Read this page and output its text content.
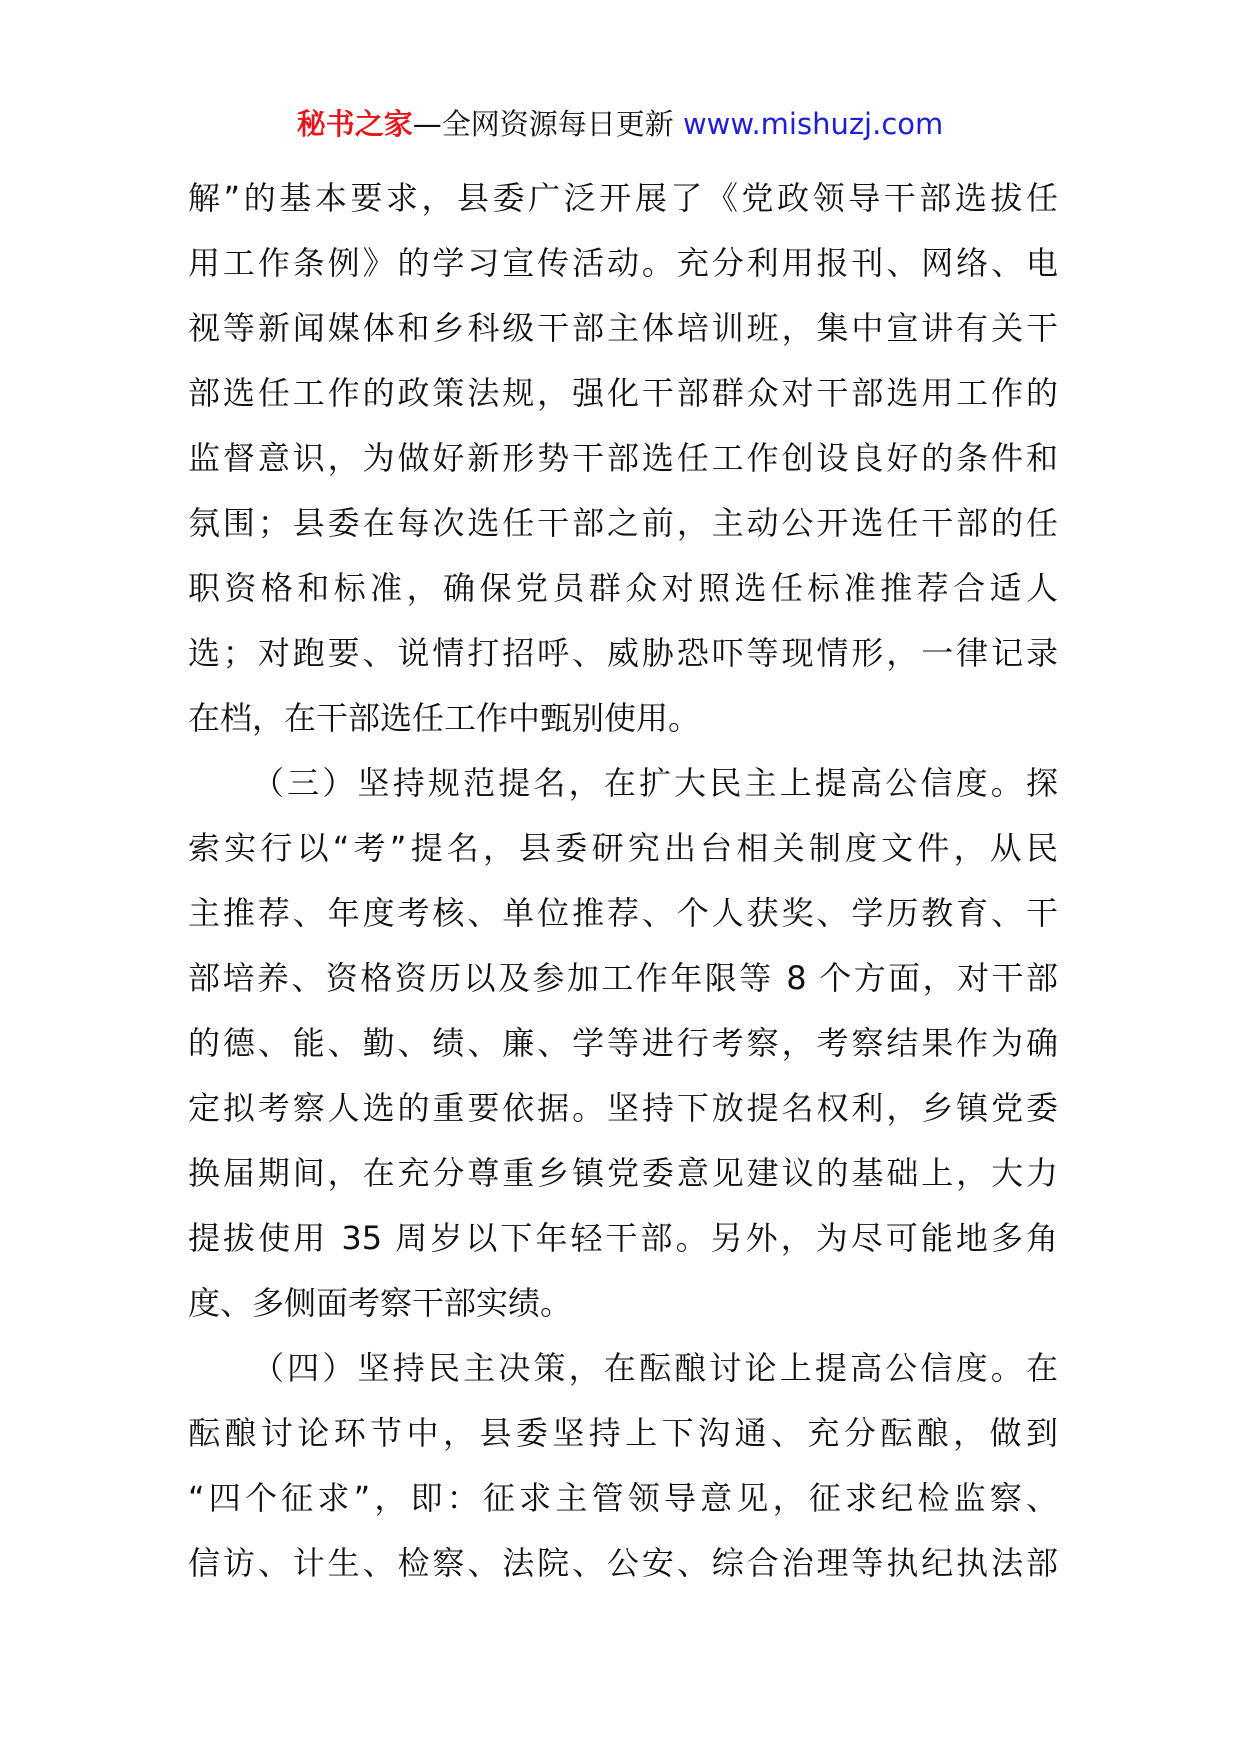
秘书之家—全网资源每日更新 www.mishuzj.com
解”的基本要求，县委广泛开展了《党政领导干部选拔任
用工作条例》的学习宣传活动。充分利用报刊、网络、电
视等新闻媒体和乡科级干部主体培训班，集中宣讲有关干
部选任工作的政策法规，强化干部群众对干部选用工作的
监督意识，为做好新形势干部选任工作创设良好的条件和
氛围；县委在每次选任干部之前，主动公开选任干部的任
职资格和标准，确保党员群众对照选任标准推荐合适人
选；对跑要、说情打招呼、威胁恐吓等现情形，一律记录
在档，在干部选任工作中甄别使用。
（三）坚持规范提名，在扩大民主上提高公信度。探
索实行以“考”提名，县委研究出台相关制度文件，从民
主推荐、年度考核、单位推荐、个人获奖、学历教育、干
部培养、资格资历以及参加工作年限等 8 个方面，对干部
的德、能、勤、绩、廉、学等进行考察，考察结果作为确
定拟考察人选的重要依据。坚持下放提名权利，乡镇党委
换届期间，在充分尊重乡镇党委意见建议的基础上，大力
提拔使用 35 周岁以下年轻干部。另外，为尽可能地多角
度、多侧面考察干部实绩。
（四）坚持民主决策，在酝酿讨论上提高公信度。在
酝酿讨论环节中，县委坚持上下沟通、充分酝酿，做到
“四个征求”，即：征求主管领导意见，征求纪检监察、
信访、计生、检察、法院、公安、综合治理等执纪执法部
